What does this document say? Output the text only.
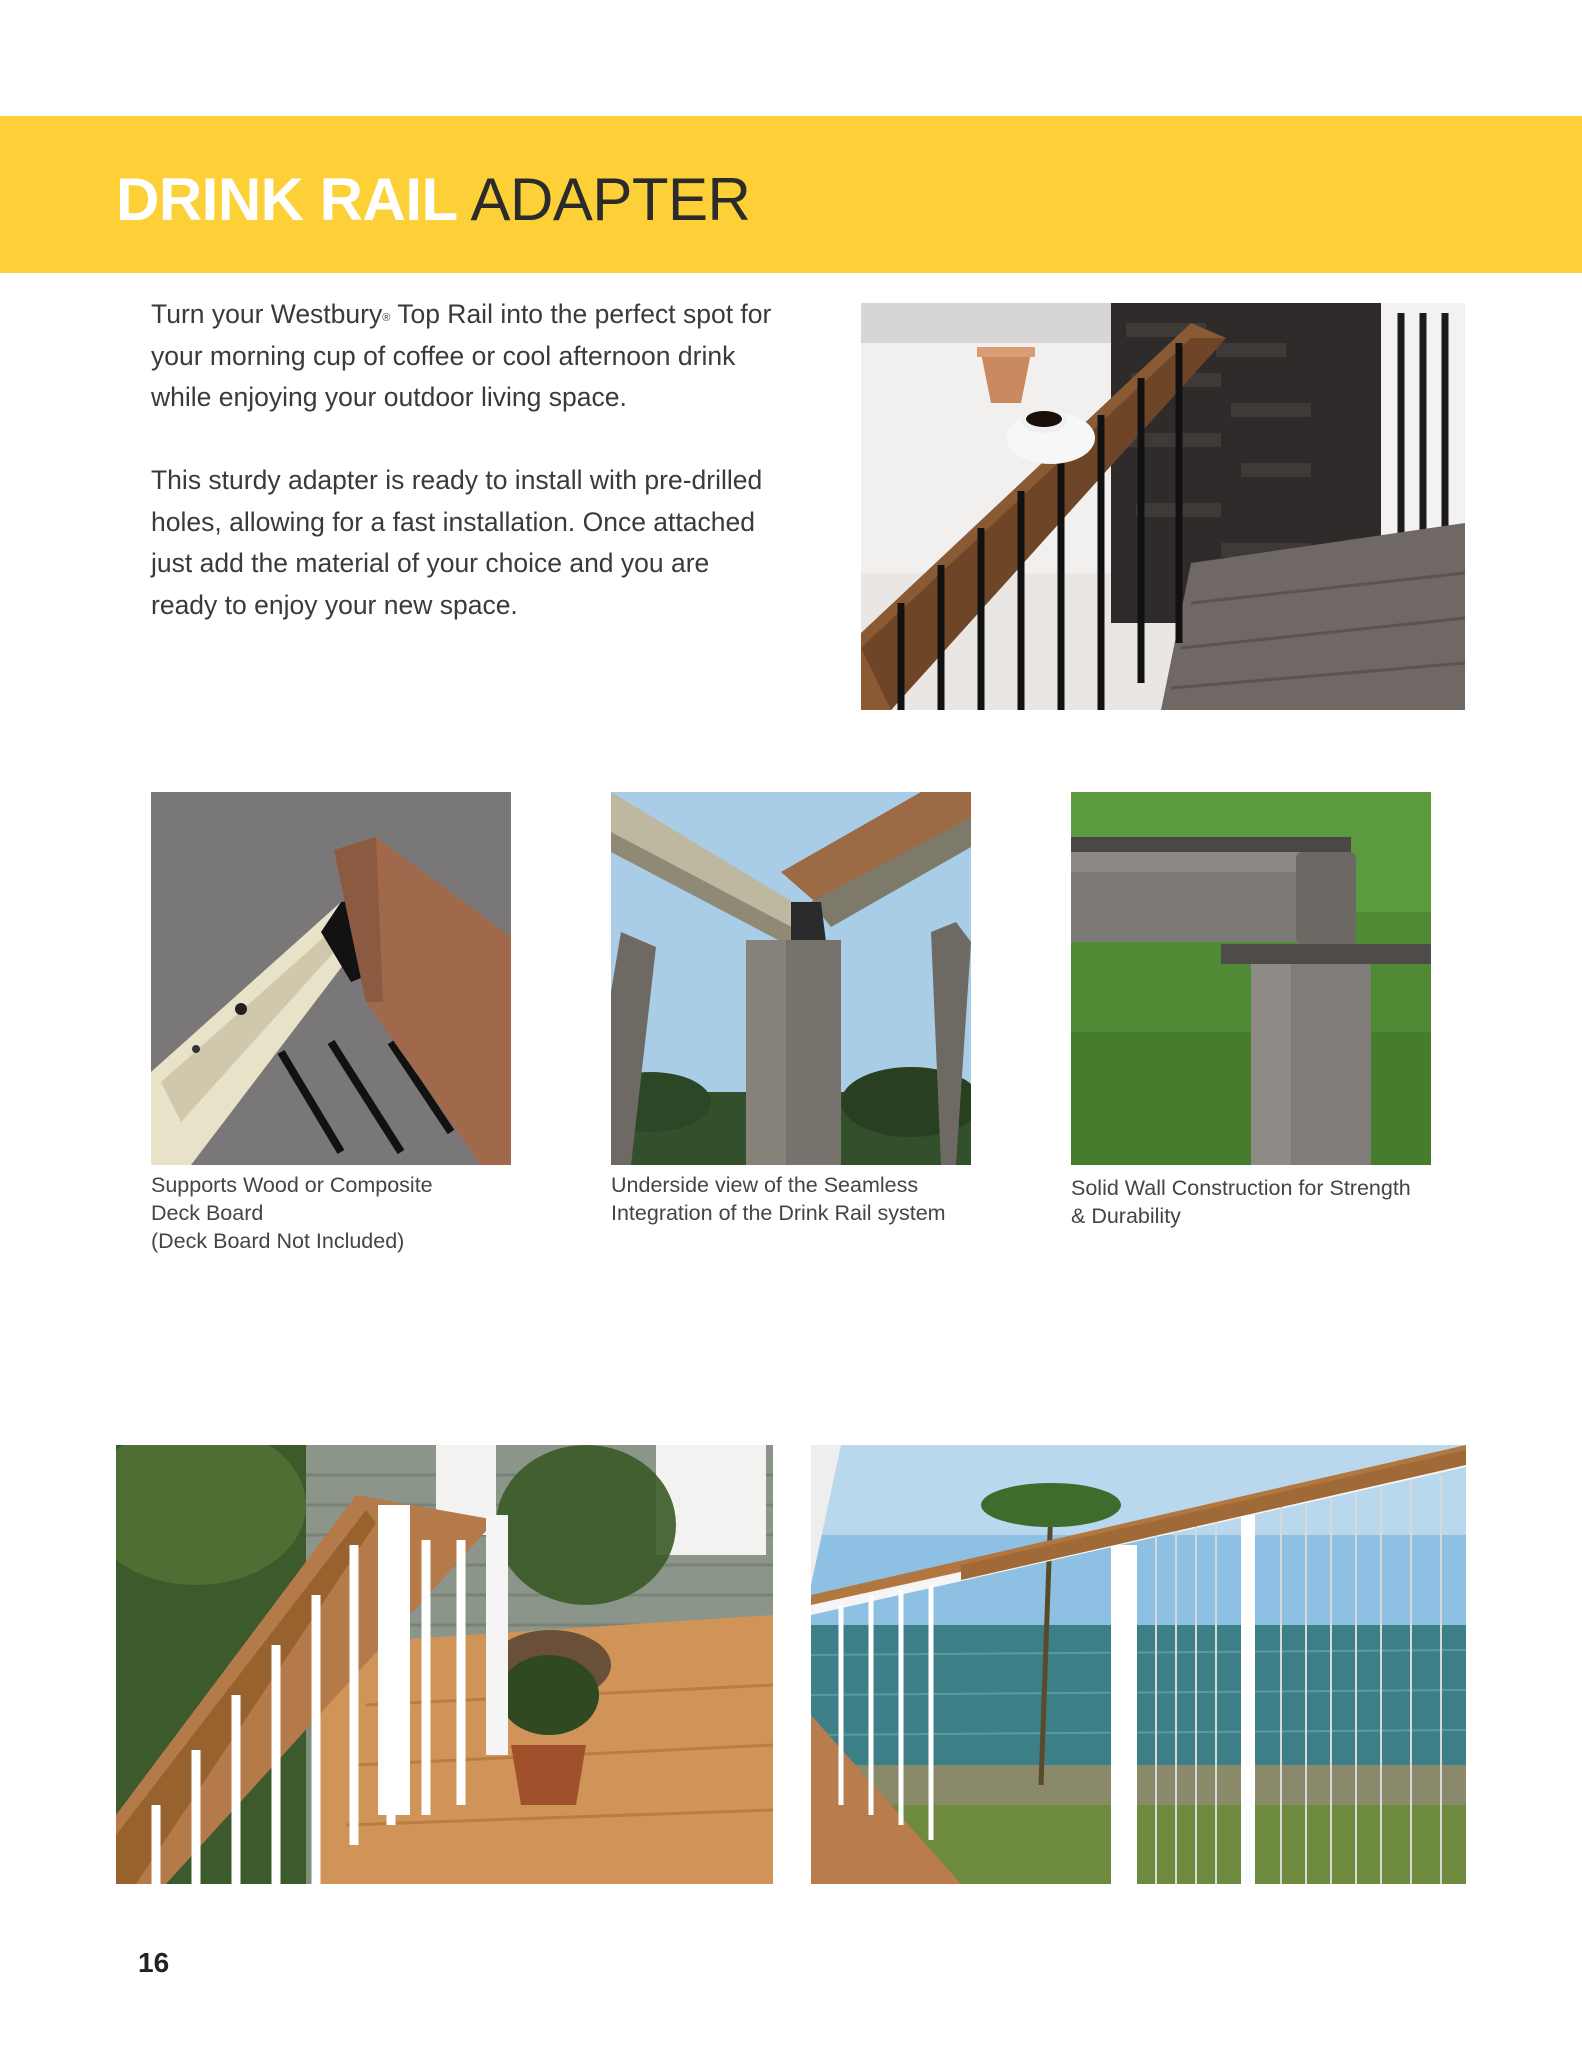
DRINK RAIL ADAPTER

Turn your Westbury® Top Rail into the perfect spot for your morning cup of coffee or cool afternoon drink while enjoying your outdoor living space.

This sturdy adapter is ready to install with pre-drilled holes, allowing for a fast installation. Once attached just add the material of your choice and you are ready to enjoy your new space.

Supports Wood or Composite
Deck Board
(Deck Board Not Included)
Underside view of the Seamless
Integration of the Drink Rail system
Solid Wall Construction for Strength
& Durability
16
